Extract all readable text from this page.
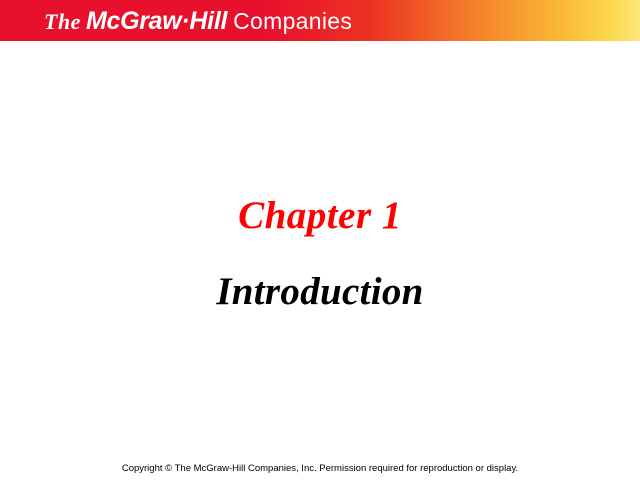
The McGraw·Hill Companies
Chapter 1
Introduction
Copyright © The McGraw-Hill Companies, Inc. Permission required for reproduction or display.
